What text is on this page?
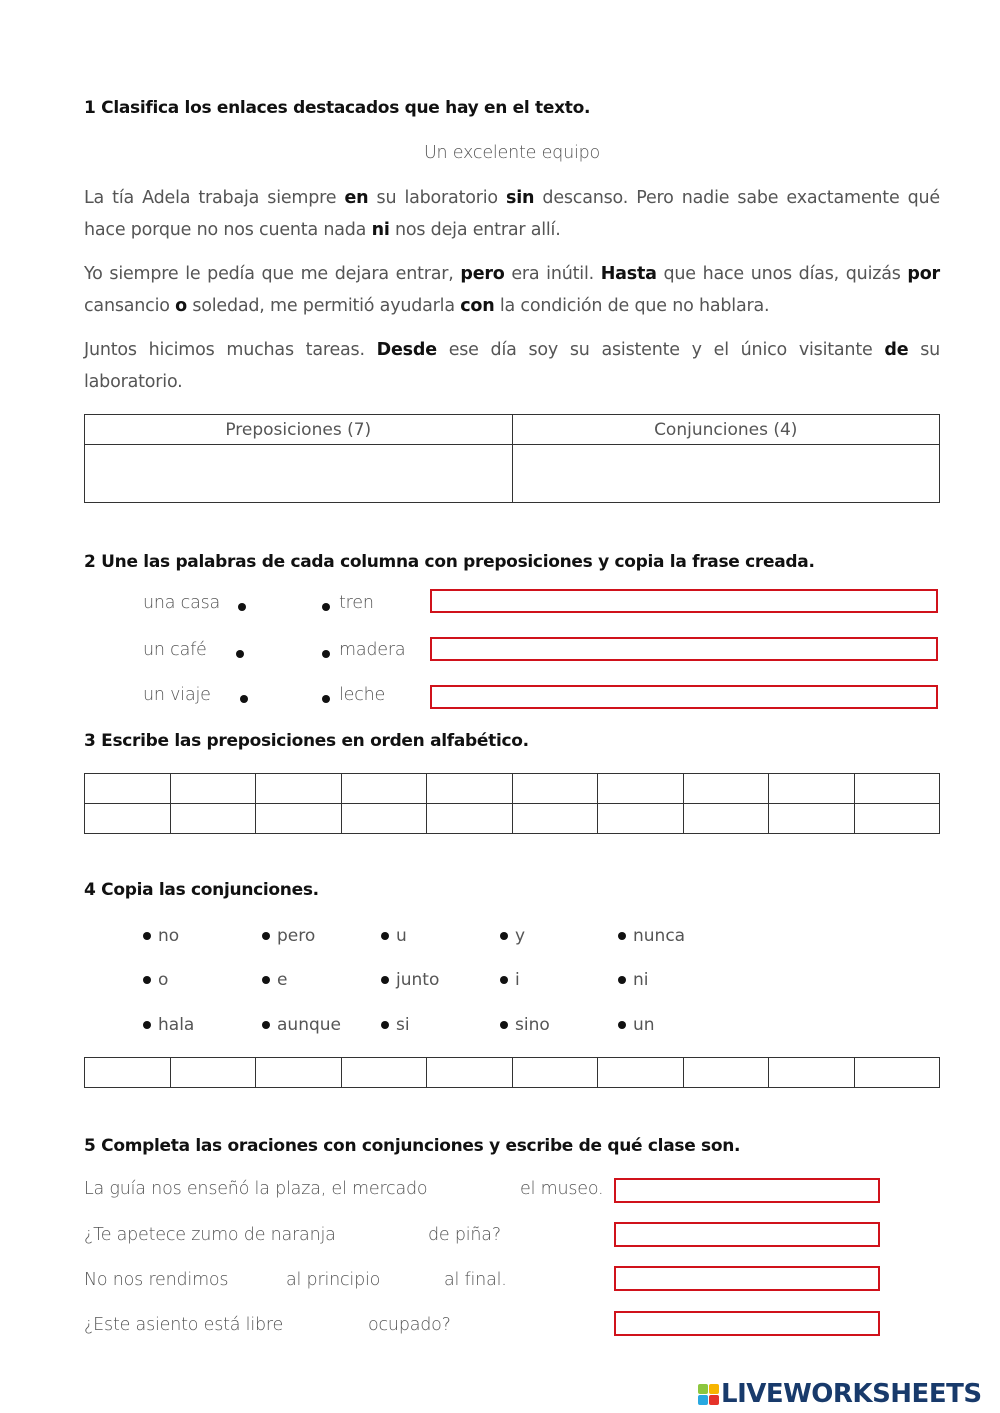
1 Clasifica los enlaces destacados que hay en el texto.
Un excelente equipo
La tía Adela trabaja siempre en su laboratorio sin descanso. Pero nadie sabe exactamente qué hace porque no nos cuenta nada ni nos deja entrar allí.
Yo siempre le pedía que me dejara entrar, pero era inútil. Hasta que hace unos días, quizás por cansancio o soledad, me permitió ayudarla con la condición de que no hablara.
Juntos hicimos muchas tareas. Desde ese día soy su asistente y el único visitante de su laboratorio.
Preposiciones (7)	Conjunciones (4)

2 Une las palabras de cada columna con preposiciones y copia la frase creada.
una casa	tren
un café	madera
un viaje	leche
3 Escribe las preposiciones en orden alfabético.

4 Copia las conjunciones.
no	pero	u	y	nunca
o	e	junto	i	ni
hala	aunque	si	sino	un

5 Completa las oraciones con conjunciones y escribe de qué clase son.
La guía nos enseñó la plaza, el mercado	el museo.
¿Te apetece zumo de naranja	de piña?
No nos rendimos	al principio	al final.
¿Este asiento está libre	ocupado?
LIVEWORKSHEETS
